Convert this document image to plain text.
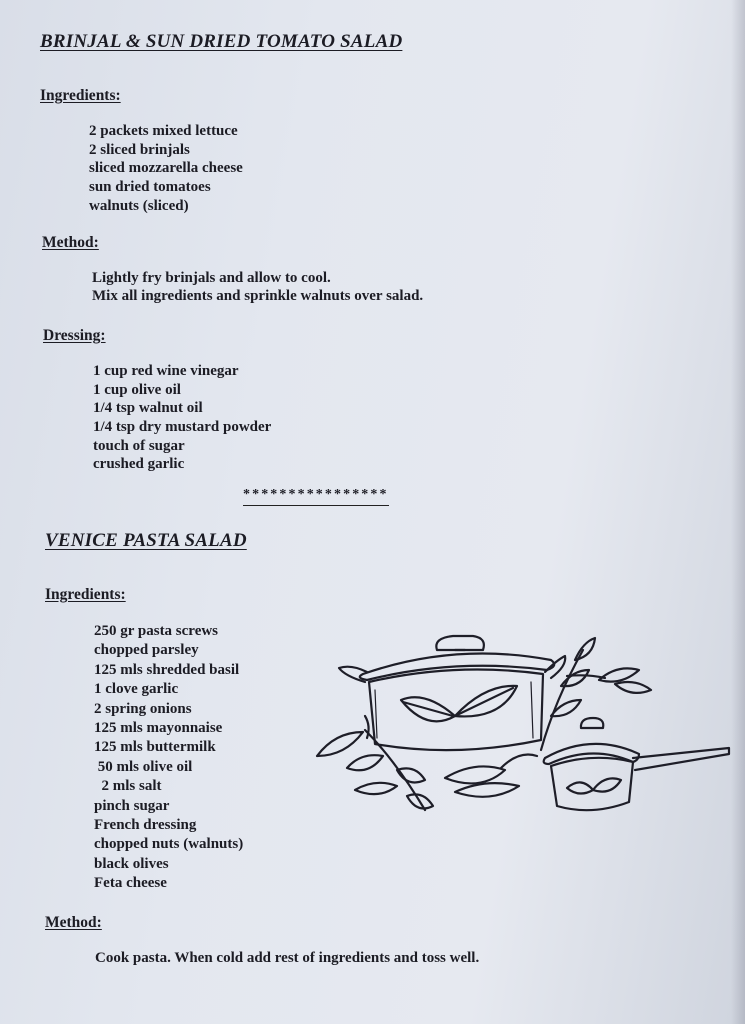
BRINJAL & SUN DRIED TOMATO SALAD
Ingredients:
2 packets mixed lettuce
2 sliced brinjals
sliced mozzarella cheese
sun dried tomatoes
walnuts (sliced)
Method:

Lightly fry brinjals and allow to cool.

Mix all ingredients and sprinkle walnuts over salad.

Dressing:
1 cup red wine vinegar
1 cup olive oil
1/4 tsp walnut oil
1/4 tsp dry mustard powder
touch of sugar
crushed garlic
****************
VENICE PASTA SALAD
Ingredients:
250 gr pasta screws
chopped parsley
125 mls shredded basil
1 clove garlic
2 spring onions
125 mls mayonnaise
125 mls buttermilk
50 mls olive oil
2 mls salt
pinch sugar
French dressing
chopped nuts (walnuts)
black olives
Feta cheese
Method:

Cook pasta. When cold add rest of ingredients and toss well.
